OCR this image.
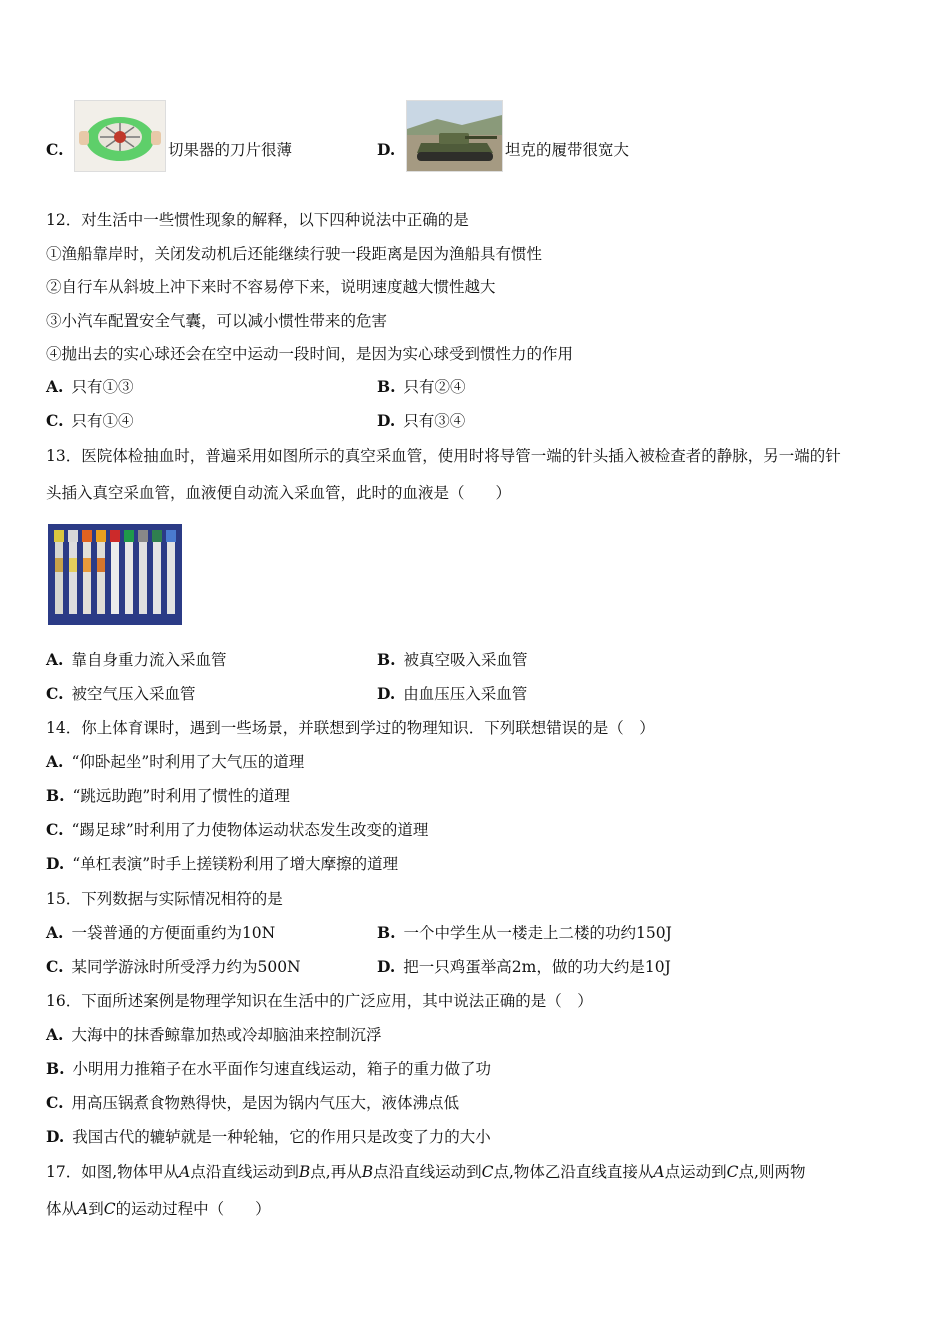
C.	切果器的刀片很薄	D.	坦克的履带很宽大
12．对生活中一些惯性现象的解释，以下四种说法中正确的是
①渔船靠岸时，关闭发动机后还能继续行驶一段距离是因为渔船具有惯性
②自行车从斜坡上冲下来时不容易停下来，说明速度越大惯性越大
③小汽车配置安全气囊，可以减小惯性带来的危害
④抛出去的实心球还会在空中运动一段时间，是因为实心球受到惯性力的作用
A. 只有①③	B. 只有②④
C. 只有①④	D. 只有③④
13．医院体检抽血时，普遍采用如图所示的真空采血管，使用时将导管一端的针头插入被检查者的静脉，另一端的针
头插入真空采血管，血液便自动流入采血管，此时的血液是（　　）
A. 靠自身重力流入采血管	B. 被真空吸入采血管
C. 被空气压入采血管	D. 由血压压入采血管
14．你上体育课时，遇到一些场景，并联想到学过的物理知识．下列联想错误的是（　）
A. “仰卧起坐”时利用了大气压的道理
B. “跳远助跑”时利用了惯性的道理
C. “踢足球”时利用了力使物体运动状态发生改变的道理
D. “单杠表演”时手上搓镁粉利用了增大摩擦的道理
15．下列数据与实际情况相符的是
A. 一袋普通的方便面重约为10N	B. 一个中学生从一楼走上二楼的功约150J
C. 某同学游泳时所受浮力约为500N	D. 把一只鸡蛋举高2m，做的功大约是10J
16．下面所述案例是物理学知识在生活中的广泛应用，其中说法正确的是（　）
A. 大海中的抹香鲸靠加热或冷却脑油来控制沉浮
B. 小明用力推箱子在水平面作匀速直线运动，箱子的重力做了功
C. 用高压锅煮食物熟得快，是因为锅内气压大，液体沸点低
D. 我国古代的辘轳就是一种轮轴，它的作用只是改变了力的大小
17．如图,物体甲从A点沿直线运动到B点,再从B点沿直线运动到C点,物体乙沿直线直接从A点运动到C点,则两物
体从A到C的运动过程中（　　）
